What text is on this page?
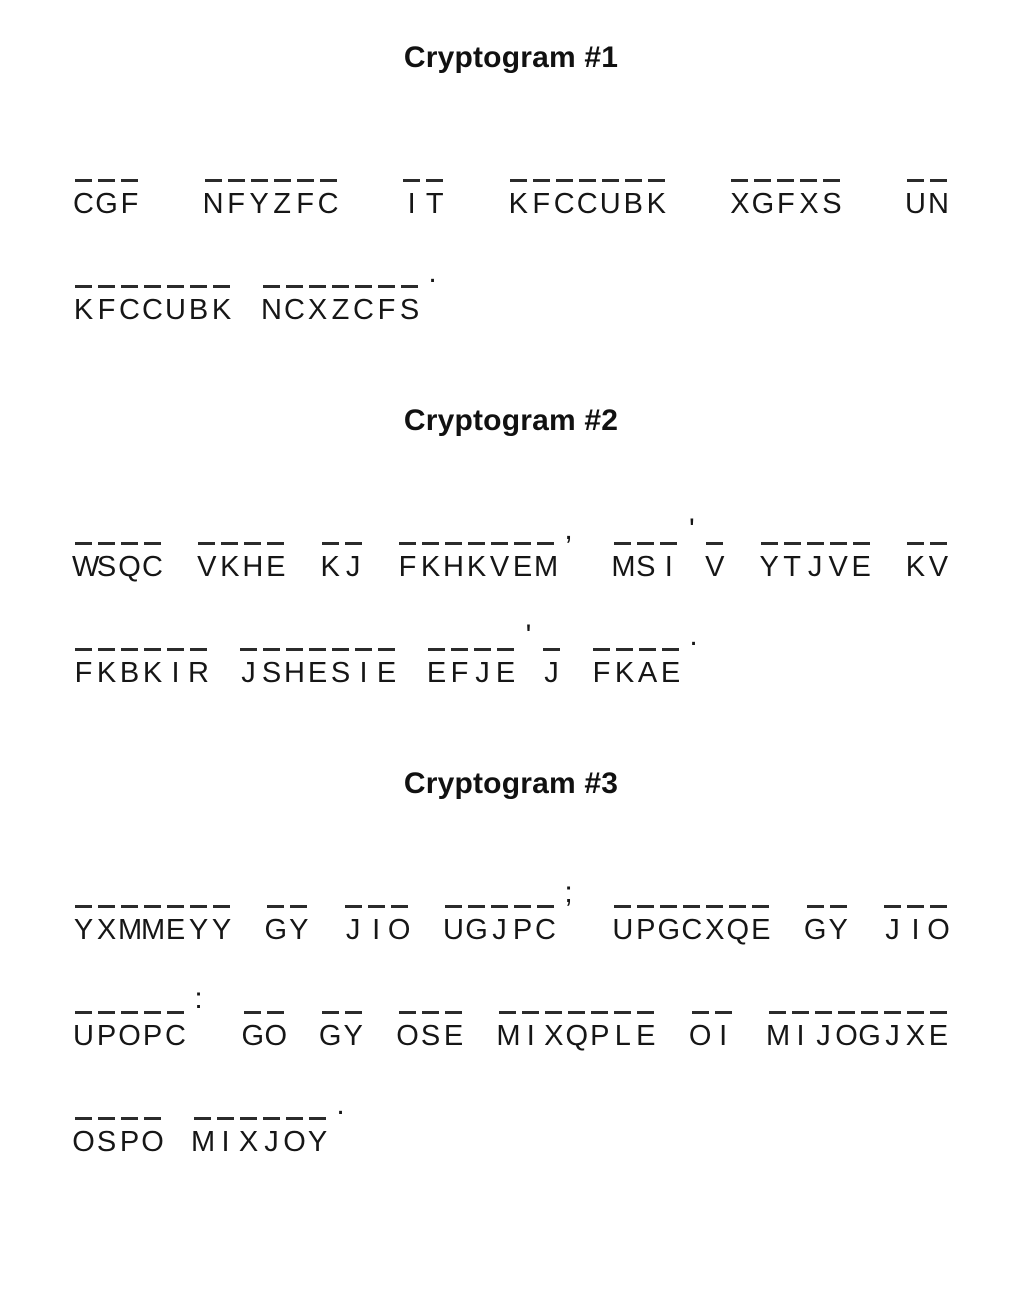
Cryptogram #1
C G F N F Y Z F C I T K F C C U B K X G F X S U N
K F C C U B K
.
N C X Z C F S
Cryptogram #2
W
S Q C V K H E K J
,
F K H K V E M
'
M S I V Y T J V E K V
F K B K I R J S H E S I E
'
E F J E J
.
F K A E
Cryptogram #3
Y X M
M E Y Y G Y J I O
;
U G J P C U P G C X Q E G Y J I O
:
U P O P C G O G Y O S E M I X Q P L E O I M I J O G J X E
O S P O
.
M I X J O Y
